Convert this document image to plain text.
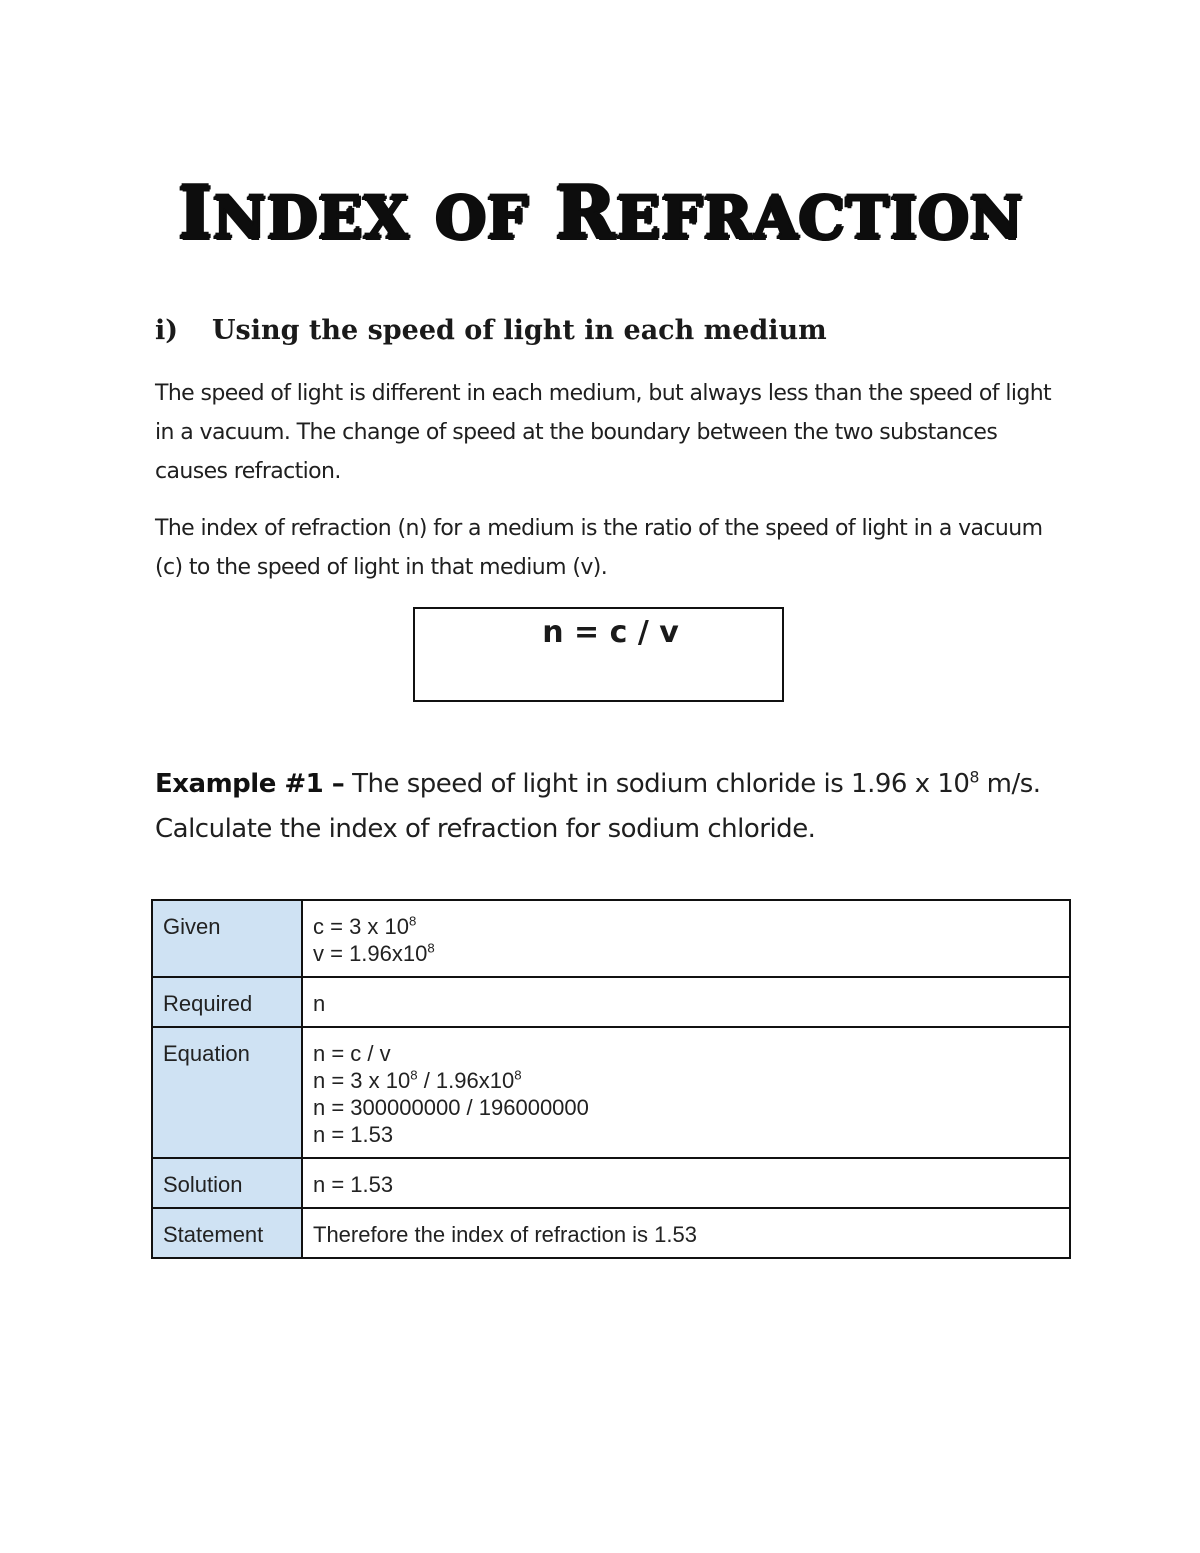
INDEX OF REFRACTION
i) Using the speed of light in each medium

The speed of light is different in each medium, but always less than the speed of light in a vacuum. The change of speed at the boundary between the two substances causes refraction.

The index of refraction (n) for a medium is the ratio of the speed of light in a vacuum (c) to the speed of light in that medium (v).

n = c / v

Example #1 – The speed of light in sodium chloride is 1.96 x $10^8$ m/s. Calculate the index of refraction for sodium chloride.

Given	c = 3 x $10^8$
$v = 1.96x10^8$
Required	n
Equation	n = c / v
n = 3 x $10^8 / 1.96x10^8$
n = 300000000 / 196000000
n = 1.53
Solution	n = 1.53
Statement	Therefore the index of refraction is 1.53
